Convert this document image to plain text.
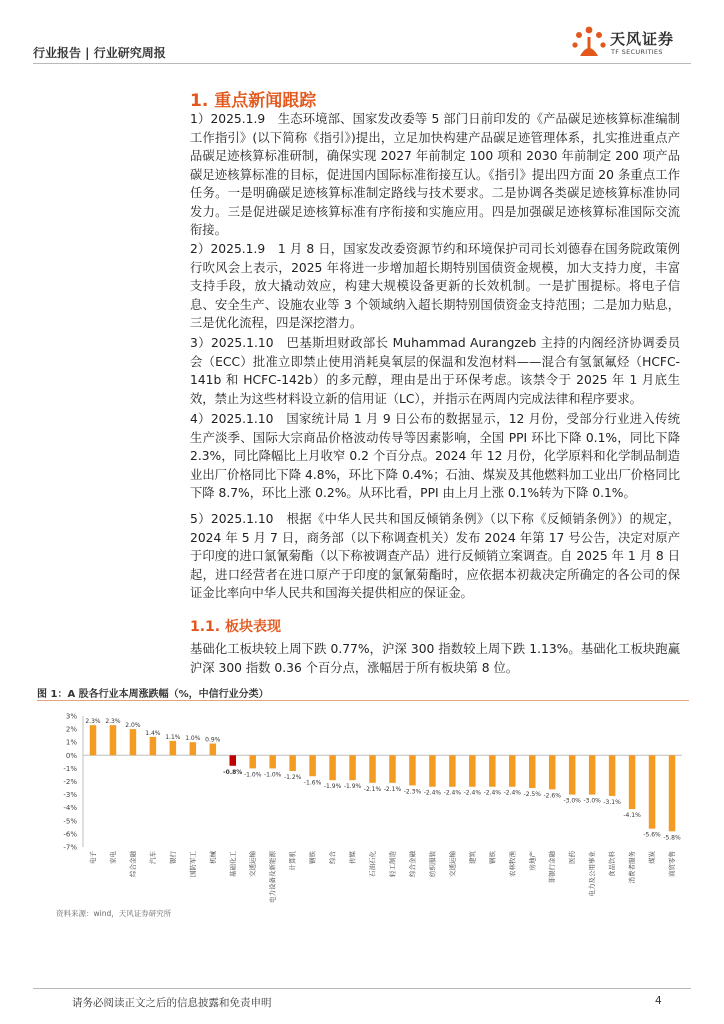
行业报告 | 行业研究周报
天风证券
TF SECURITIES
1. 重点新闻跟踪

1）2025.1.9　生态环境部、国家发改委等 5 部门日前印发的《产品碳足迹核算标准编制工作指引》(以下简称《指引》)提出，立足加快构建产品碳足迹管理体系，扎实推进重点产品碳足迹核算标准研制，确保实现 2027 年前制定 100 项和 2030 年前制定 200 项产品碳足迹核算标准的目标，促进国内国际标准衔接互认。《指引》提出四方面 20 条重点工作任务。一是明确碳足迹核算标准制定路线与技术要求。二是协调各类碳足迹核算标准协同发力。三是促进碳足迹核算标准有序衔接和实施应用。四是加强碳足迹核算标准国际交流衔接。

2）2025.1.9　1 月 8 日，国家发改委资源节约和环境保护司司长刘德春在国务院政策例行吹风会上表示，2025 年将进一步增加超长期特别国债资金规模，加大支持力度，丰富支持手段，放大撬动效应，构建大规模设备更新的长效机制。一是扩围提标。将电子信息、安全生产、设施农业等 3 个领域纳入超长期特别国债资金支持范围；二是加力贴息，三是优化流程，四是深挖潜力。

3）2025.1.10　巴基斯坦财政部长 Muhammad Aurangzeb 主持的内阁经济协调委员会（ECC）批准立即禁止使用消耗臭氧层的保温和发泡材料——混合有氢氯氟烃（HCFC-141b 和 HCFC-142b）的多元醇，理由是出于环保考虑。该禁令于 2025 年 1 月底生效，禁止为这些材料设立新的信用证（LC），并指示在两周内完成法律和程序要求。

4）2025.1.10　国家统计局 1 月 9 日公布的数据显示，12 月份，受部分行业进入传统生产淡季、国际大宗商品价格波动传导等因素影响，全国 PPI 环比下降 0.1%，同比下降 2.3%，同比降幅比上月收窄 0.2 个百分点。2024 年 12 月份，化学原料和化学制品制造业出厂价格同比下降 4.8%，环比下降 0.4%；石油、煤炭及其他燃料加工业出厂价格同比下降 8.7%，环比上涨 0.2%。从环比看，PPI 由上月上涨 0.1%转为下降 0.1%。

5）2025.1.10　根据《中华人民共和国反倾销条例》（以下称《反倾销条例》）的规定，2024 年 5 月 7 日，商务部（以下称调查机关）发布 2024 年第 17 号公告，决定对原产于印度的进口氯氰菊酯（以下称被调查产品）进行反倾销立案调查。自 2025 年 1 月 8 日起，进口经营者在进口原产于印度的氯氰菊酯时，应依据本初裁决定所确定的各公司的保证金比率向中华人民共和国海关提供相应的保证金。

1.1. 板块表现

基础化工板块较上周下跌 0.77%，沪深 300 指数较上周下跌 1.13%。基础化工板块跑赢沪深 300 指数 0.36 个百分点，涨幅居于所有板块第 8 位。

图 1：A 股各行业本周涨跌幅（%，中信行业分类）
3%
2%
1%
0%
-1%
-2%
-3%
-4%
-5%
-6%
-7%
2.3%
电子
2.3%
家电
2.0%
综合金融
1.4%
汽车
1.1%
银行
1.0%
国防军工
0.9%
机械
-0.8%
基础化工
-1.0%
交通运输
-1.0%
电力设备及新能源
-1.2%
计算机
-1.6%
钢铁
-1.9%
综合
-1.9%
传媒
-2.1%
石油石化
-2.1%
轻工制造
-2.3%
综合金融
-2.4%
纺织服装
-2.4%
交通运输
-2.4%
建筑
-2.4%
钢铁
-2.4%
农林牧渔
-2.5%
房地产
-2.6%
非银行金融
-3.0%
医药
-3.0%
电力及公用事业
-3.1%
食品饮料
-4.1%
消费者服务
-5.6%
煤炭
-5.8%
商贸零售
资料来源：wind，天风证券研究所
请务必阅读正文之后的信息披露和免责申明	4
